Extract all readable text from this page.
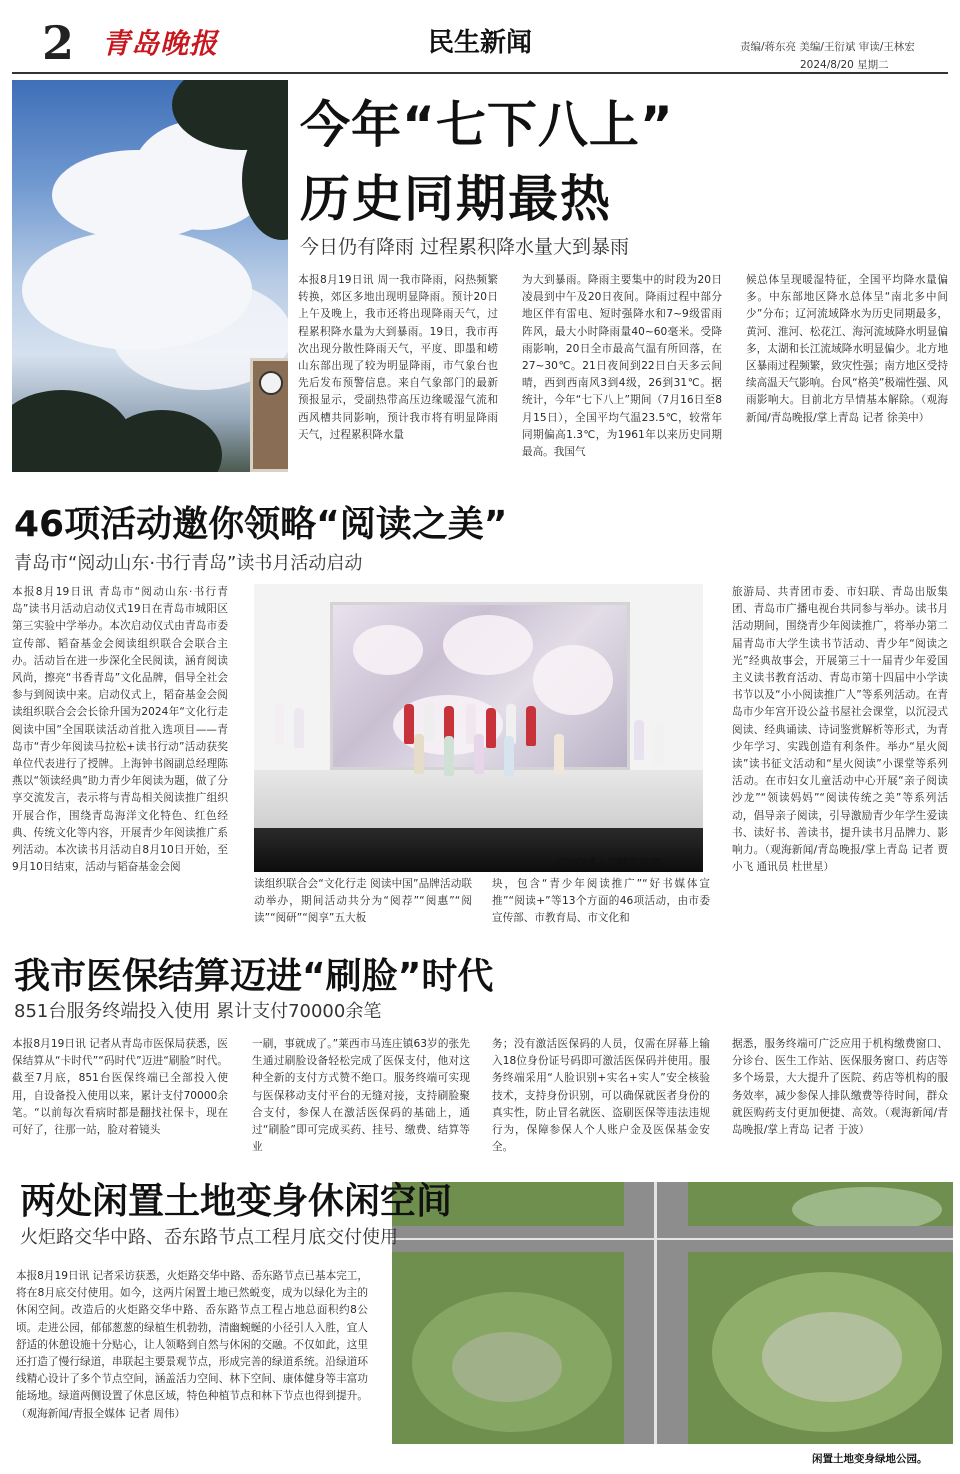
2 青岛晚报	民生新闻	责编/蒋东亮 美编/王衍斌 审读/王林宏
2024/8/20 星期二
今年“七下八上”
历史同期最热
今日仍有降雨 过程累积降水量大到暴雨
本报8月19日讯 周一我市降雨，闷热频繁转换，郊区多地出现明显降雨。预计20日上午及晚上，我市还将出现降雨天气，过程累积降水量为大到暴雨。19日，我市再次出现分散性降雨天气，平度、即墨和崂山东部出现了较为明显降雨，市气象台也先后发布预警信息。来自气象部门的最新预报显示，受副热带高压边缘暖湿气流和西风槽共同影响，预计我市将有明显降雨天气，过程累积降水量
为大到暴雨。降雨主要集中的时段为20日凌晨到中午及20日夜间。降雨过程中部分地区伴有雷电、短时强降水和7~9级雷雨阵风，最大小时降雨量40~60毫米。受降雨影响，20日全市最高气温有所回落，在27~30℃。21日夜间到22日白天多云间晴，西到西南风3到4级，26到31℃。据统计，今年“七下八上”期间（7月16日至8月15日），全国平均气温23.5℃，较常年同期偏高1.3℃，为1961年以来历史同期最高。我国气
候总体呈现暖湿特征，全国平均降水量偏多。中东部地区降水总体呈“南北多中间少”分布；辽河流域降水为历史同期最多，黄河、淮河、松花江、海河流域降水明显偏多，太湖和长江流域降水明显偏少。北方地区暴雨过程频繁，致灾性强；南方地区受持续高温天气影响。台风“格美”极端性强、风雨影响大。目前北方旱情基本解除。（观海新闻/青岛晚报/掌上青岛 记者 徐美中）
46项活动邀你领略“阅读之美”
青岛市“阅动山东·书行青岛”读书月活动启动
本报8月19日讯 青岛市“阅动山东·书行青岛”读书月活动启动仪式19日在青岛市城阳区第三实验中学举办。本次启动仪式由青岛市委宣传部、韬奋基金会阅读组织联合会联合主办。活动旨在进一步深化全民阅读，涵育阅读风尚，擦亮“书香青岛”文化品牌，倡导全社会参与到阅读中来。启动仪式上，韬奋基金会阅读组织联合会会长徐升国为2024年“文化行走 阅读中国”全国联读活动首批入选项目——青岛市“青少年阅读马拉松+读书行动”活动获奖单位代表进行了授牌。上海钟书阁副总经理陈燕以“领读经典”助力青少年阅读为题，做了分享交流发言，表示将与青岛相关阅读推广组织开展合作，围绕青岛海洋文化特色、红色经典、传统文化等内容，开展青少年阅读推广系列活动。本次读书月活动自8月10日开始，至9月10日结束，活动与韬奋基金会阅	启动仪式上的精彩表演。
读组织联合会“文化行走 阅读中国”品牌活动联动举办，期间活动共分为“阅荐”“阅惠”“阅读”“阅研”“阅享”五大板
块，包含“青少年阅读推广”“好书媒体宣推”“阅读+”等13个方面的46项活动，由市委宣传部、市教育局、市文化和
旅游局、共青团市委、市妇联、青岛出版集团、青岛市广播电视台共同参与举办。读书月活动期间，围绕青少年阅读推广，将举办第二届青岛市大学生读书节活动、青少年“阅读之光”经典故事会，开展第三十一届青少年爱国主义读书教育活动、青岛市第十四届中小学读书节以及“小小阅读推广人”等系列活动。在青岛市少年宫开设公益书屋社会课堂，以沉浸式阅读、经典诵读、诗词鉴赏解析等形式，为青少年学习、实践创造有利条件。举办“星火阅读”读书征文活动和“星火阅读”小课堂等系列活动。在市妇女儿童活动中心开展“亲子阅读沙龙”“领读妈妈”“阅读传统之美”等系列活动，倡导亲子阅读，引导激励青少年学生爱读书、读好书、善读书，提升读书月品牌力、影响力。（观海新闻/青岛晚报/掌上青岛 记者 贾小飞 通讯员 杜世星）
我市医保结算迈进“刷脸”时代
851台服务终端投入使用 累计支付70000余笔
本报8月19日讯 记者从青岛市医保局获悉，医保结算从“卡时代”“码时代”迈进“刷脸”时代。截至7月底，851台医保终端已全部投入使用，自设备投入使用以来，累计支付70000余笔。“以前每次看病时都是翻找社保卡，现在可好了，往那一站，脸对着镜头
一刷，事就成了。”莱西市马连庄镇63岁的张先生通过刷脸设备轻松完成了医保支付，他对这种全新的支付方式赞不绝口。服务终端可实现与医保移动支付平台的无缝对接，支持刷脸聚合支付，参保人在激活医保码的基础上，通过“刷脸”即可完成买药、挂号、缴费、结算等业
务；没有激活医保码的人员，仅需在屏幕上输入18位身份证号码即可激活医保码并使用。服务终端采用“人脸识别+实名+实人”安全核验技术，支持身份识别，可以确保就医者身份的真实性，防止冒名就医、盗刷医保等违法违规行为，保障参保人个人账户金及医保基金安全。
据悉，服务终端可广泛应用于机构缴费窗口、分诊台、医生工作站、医保服务窗口、药店等多个场景，大大提升了医院、药店等机构的服务效率，减少参保人排队缴费等待时间，群众就医购药支付更加便捷、高效。（观海新闻/青岛晚报/掌上青岛 记者 于波）
两处闲置土地变身休闲空间
火炬路交华中路、岙东路节点工程月底交付使用
本报8月19日讯 记者采访获悉，火炬路交华中路、岙东路节点已基本完工，将在8月底交付使用。如今，这两片闲置土地已然蜕变，成为以绿化为主的休闲空间。改造后的火炬路交华中路、岙东路节点工程占地总面积约8公顷。走进公园，郁郁葱葱的绿植生机勃勃，清幽蜿蜒的小径引人入胜，宜人舒适的休憩设施十分贴心，让人领略到自然与休闲的交融。不仅如此，这里还打造了慢行绿道，串联起主要景观节点，形成完善的绿道系统。沿绿道环线精心设计了多个节点空间，涵盖活力空间、林下空间、康体健身等丰富功能场地。绿道两侧设置了休息区域，特色种植节点和林下节点也得到提升。（观海新闻/青报全媒体 记者 周伟）
闲置土地变身绿地公园。
